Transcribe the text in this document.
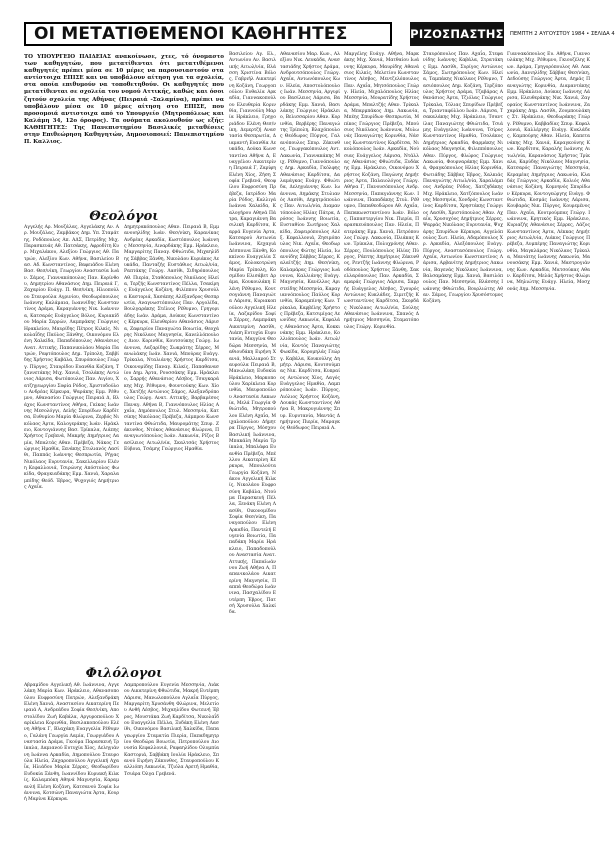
ΟΙ ΜΕΤΑΤΙΘΕΜΕΝΟΙ ΚΑΘΗΓΗΤΕΣ	ΡΙΖΟΣΠΑΣΤΗΣ ΠΕΜΠΤΗ 2 ΑΥΓΟΥΣΤΟΥ 1984 • ΣΕΛΙΔΑ 4
ΤΟ ΥΠΟΥΡΓΕΙΟ ΠΑΙΔΕΙΑΣ ανακοίνωσε, χτες, τό όνομαστο των καθηγητών, που μετατίθενται ότι μετατιθέμενοι καθηγητές πρέπει μέσα σε 10 μέρες να παρουσιαστούν στα αντίστοιχα ΕΠΙΣΕ και να υποβάλουν αίτηση για τα σχολεία, στα οποία επιθυμούν να τοποθετηθούν. Οι καθηγητές που μετατίθενται σε σχολεία του νομού Αττικής, καθώς και όσοι ζητούν σχολεία της Αθήνας (Πειραιά -Σαλαμίνα), πρέπει να υποβάλουν μέσα σε 10 μέρες αίτηση στο ΕΠΙΣΕ, που προσομοιά αντιστοιχα από το Υπουργείο (Μητροπόλεως και Καλάμη 34, 12ο όροφος). Τα ονόματα ακολουθούν ως εξής: ΚΑΘΗΓΗΤΕΣ: Της Πανεπιστημίου Βασιλικές μεταθέσεις στην Επιθεώρηση Καθηγητών, Δημοσιοποιεί: Πανεπιστημίου Π. Καλλιος.
Θεολόγοι
Φιλόλογοι
Αγγελής Αρ. Μουζάλας, Αγγελάκης Αν. Αρ. Μουζάλας, Ζαμβάκος Δημ. Υπ. Σταμάτης, Ροδόπουλος Απ. ΑΔΣ, Πετρίδης Μιχ. Παρασκευάς Αθ. Πατσάκης, Αφροδίτη Κυρ. Μιχαλάκου, Αλεξίου Γεώργιος Αθ. Πατρών, Αλεξίου Κων. Αθήνα, Βασιλείου Βασ. Αδ. Κωνσταντίνος, Βαφειάδου Ελένη Βασ. Θεσ/νίκη, Γεωργίου Αναστασία Ιωάν. Σάμος, Γιαννακόπουλος Παν. Κορίνθου, Δημητρίου Αθανάσιος Δημ. Πειραιά Γ, Ζαχαρίου Ευάγγ. Π. Θεσ/νίκη, Ηλιοπούλου Σταυρούλα Αγρινίου, Θεοδωρόπουλος Ιωάννης Καλάμαια, Ιωαννίδης Κωνσταντίνος Δράμα, Καραγιάννης Νικ. Ιωάννινα, Κατσαρός Ευάγγελος Βόλος, Κυριακίδου Μαρία Σερρών, Λαμπράκης Γεώργιος Ηρακλείου, Μαυρίδης Πέτρος Κιλκίς, Νικολαΐδης Παύλος Ξάνθης, Οικονόμου Ελένη Χαλκίδα, Παπαδόπουλος Αθανάσιος Ανατ. Αττικής, Παπανικολάου Μαρία Πατρών, Ραφτόπουλος Δημ. Τρίπολη, Σαββίδης Χρήστος Καβάλα, Σπυρόπουλος Γεώργ. Πύργος, Σταυρίδου Ευανθία Κοζάνη, Τζαννετάκης Μιχ. Χανιά, Τσολάκης Αντώνιος Λάρισα, Φωτόπουλος Παν. Αιγίου, Χατζηγεωργίου Σοφία Ρόδος, Χριστοδούλου Ανδρέας Κέρκυρα, Ψαράκης Εμμ. Ρέθυμνο, Αθανασίου Γεώργιος Πειραιά Δ, Βλάχος Κωνσταντίνος Αθήνα, Γκίκας Ιωάννης Μεσολόγγι, Δελής Σπυρίδων Καρδίτσα, Ευθυμίου Μαρία Φλώρινα, Ζερβός Νικόλαος Άρτα, Καλογεράκης Ιωάν. Ηράκλειο, Κοντογιάννης Βασ. Τρίκαλα, Λιάπης Χρήστος Γρεβενά, Μακρής Δημήτριος Λαμία, Μπαλτάς Αθαν. Πρέβεζα, Νάκος Γεώργιος Ημαθία, Ξενάκης Στυλιανός Λασίθι, Παππάς Ιωάννης Θεσπρωτία, Ρήγας Νικόλαος Ευρυτανία, Σακελλαρίου Ελένη Κεφαλλονιά, Τσιρώνης Απόστολος Φωκίδα, Φραγκιαδάκης Εμμ. Χανιά, Χαραλαμπίδης Θεόδ. Έβρος, Ψυχογιός Δημήτριος Αχαΐα.
Δημητρακόπουλος Αθαν. Πειραιά Β, Εμμανουηλίδης Ιωάν. Θεσ/νίκη, Καρανίκας Ανδρέας Αρκαδία, Κωστόπουλος Ιωάννης Μεσσηνία, Λιναρδάκης Εμμ. Ηράκλειο, Μαργαρίτης Παναγ. Φθιώτιδα, Μιχαηλίδης Σάββας Ξάνθη, Νικολάου Κυριάκος Λευκάδα, Πανταζής Ευστάθιος Αιτωλ/νία, Ραπτάκης Γεώργ. Λασίθι, Σιδηρόπουλος Αθ. Πιερία, Σταθόπουλος Νικόλαος Ηλεία, Τερζής Κωνσταντίνος Πέλλα, Τσακίρης Ευάγγελος Κοζάνη, Φιλίππου Χρυσούλα Καστοριά, Χασάπης Αλέξανδρος Θεσπρωτία, Αναγνωστόπουλος Παν. Αργολίδα, Βουλγαράκης Στέλιος Ρέθυμνο, Γρηγοριάδης Ιωάν. Δράμα, Δούκας Κωνσταντίνος Κέρκυρα, Ελευθερίου Αθανάσιος Λάρισα, Ζαφειρίου Παναγιώτα Βοιωτία, Θεοχάρης Νικόλαος Μαγνησία, Κανελλόπουλος Διον. Κορινθία, Κουτσούκης Γεώργ. Ιωάννινα, Λαζαρίδης Σωκράτης Σέρρες, Μανωλάκης Ιωάν. Χανιά, Μπούρας Ευάγγ. Τρίκαλα, Νταλιάνης Χρήστος Καρδίτσα, Οικονομίδης Παναγ. Κιλκίς, Παπαθανασίου Δημ. Άρτα, Ρουσσάκης Εμμ. Ηράκλειο, Σαρρής Αθανάσιος Λέσβος, Τσαγκαράκης Μιχ. Ρέθυμνο, Φουντούκης Κων. Χίος, Χατζής Αντώνιος Σάμος, Αλεξανδρόπουλος Γεώργ. Ανατ. Αττικής, Βαρβαρέσος Παναγ. Αθήνα Β, Γιαννόπουλος Ηλίας Αχαΐα, Δημόπουλος Στυλ. Μεσσηνία, Κατσίκης Νικόλαος Πρέβεζα, Λάμπρου Κωνσταντίνα Φθιώτιδα, Μαυρομάτης Σπυρ. Ζάκυνθος, Ντόκος Αθανάσιος Φλώρινα, Παναγιωτόπουλος Ιωάν. Λακωνία, Ρίζος Βασίλειος Αιτωλ/νία, Σκαλτσάς Χρήστος Εύβοια, Τσάμης Γεώργιος Ημαθία.
Αβραμίδου Αγγελική Αθ. Ιωάννινα, Αγγελάκη Μαρία Κων. Ηράκλειο, Αθανασοπούλου Ευφροσύνη Πατρών, Αλεξανδράκη Ελένη Χανιά, Αναστασίου Αικατερίνη Πειραιά Α, Ανδρεάδου Σοφία Θεσ/νίκη, Αποστολίδου Ζωή Καβάλα, Αργυροπούλου Χαρίκλεια Κορινθία, Βασιλακοπούλου Ελένη Αθήνα Γ, Βλαχάκη Ευαγγελία Ρέθυμνο, Γαλάνη Γεωργία Λαμία, Γεωργιάδου Αναστασία Δράμα, Γκούμα Παρασκευή Τρίκαλα, Δαμιανού Ευτυχία Χίος, Δεληγιάννη Ιωάννα Αρκαδία, Δημοπούλου Σταυρούλα Ηλεία, Ζαχαροπούλου Αγγελική Αχαΐα, Ηλιάδου Μαρία Σέρρες, Θεοδωρίδου Ευδοκία Ξάνθη, Ιωαννίδου Κυριακή Κιλκίς, Καλαμπόκη Αθηνά Μαγνησία, Καραμανλή Ελένη Κοζάνη, Κατσανού Σοφία Ιωάννινα, Κοτσώνη Παναγιώτα Άρτα, Κουρή Μαρίνα Κέρκυρα.
Λαμπροπούλου Ευγενία Μεσσηνία, Λιάκου Αικατερίνη Φθιώτιδα, Μακρή Ευτέρπη Λάρισα, Μανωλοπούλου Αγλαΐα Πύργος, Μαργαρίτη Χρυσάνθη Φλώρινα, Μελετίου Ανθή Λέσβος, Μιχαηλίδου Φωτεινή Έβρος, Μουστάκα Ζωή Καρδίτσα, Νικολαΐδου Ευαγγελία Πέλλα, Ξυδάκη Ελένη Λασίθι, Οικονόμου Βασιλική Χαλκίδα, Παπαγεωργίου Σταματία Πιερία, Παπαδημητρίου Θεοδώρα Βοιωτία, Πετροπούλου Διονυσία Κεφαλλονιά, Ραφαηλίδου Ολυμπία Καστοριά, Σαββάκη Ιουλία Ηράκλειο, Σπανού Ειρήνη Ζάκυνθος, Σταυροπούλου Καλλιόπη Λακωνία, Τζιόλα Αρετή Ημαθία, Τσιάρα Όλγα Γρεβενά.
Βασιλείου Αγ. Ελ., Αντωνίου Αν. Βασιλικής Αιτωλ/νία, Βλάσση Χριστίνα Βόλος, Γαβριήλ Αικατερίνη Κοζάνη, Γεωργοπούλου Ευθαλία Αρκαδία, Γιαννακοπούλου Ελευθερία Κορινθία, Γιαννούλη Μαρία Ηράκλειο, Γρηγοριάδου Ελένη Θεσ/νίκη, Δεμερτζή Αναστασία Θεσπρωτία, Διαμαντή Ευανθία Λευκάδα, Δούκα Κωνσταντίνα Αθήνα Δ, Ευαγγέλου Αικατερίνη Πειραιά Γ, Ζαρίφη Ελένη Χίος, Ζήση Σοφία Γρεβενά, Θεοφίλου Ευφροσύνη Πρέβεζα, Ιατρίδου Μαρία Ρόδος, Καλλιγά Ιωάννα Χαλκίδα, Καλογήρου Αθηνά Πάτρα, Καραγιάννη Βασιλική Καρδίτσα, Καρρά Ευγενία Άρτα, Κατσαρού Αντωνία Ιωάννινα, Κεχαγιά Δέσποινα Ξάνθη, Κοκκίνου Ευαγγελία Σάμος, Κολοκοτρώνη Μαρία Τρίπολη, Κοσμίδου Ελισάβετ Δράμα, Κουκουλάκη Ελένη Ρέθυμνο, Κουτσογιάννη Παναγιώτα Λάρισα, Κυριακοπούλου Αγγελική Ηλεία, Λαζαρίδου Σοφία Σέρρες, Λαμπράκη Αικατερίνη Λασίθι, Λιάπη Ευτυχία Ευρυτανία, Μαγγίνα Θεοδώρα Μεσσηνία, Μαθιουδάκη Ειρήνη Χανιά, Μαλλιαρού Σταυρούλα Πειραιά Β, Μανωλάκη Ευδοκία Ηράκλειο, Μαρκοπούλου Χαρίκλεια Κορινθία, Μαυροπούλου Αναστασία Λακωνία, Μελά Γεωργία Φθιώτιδα, Μητροπούλου Ελένη Αχαΐα, Μιχαλοπούλου Δήμητρα Πύργος, Μόσχου Βασιλική Ιωάννινα, Μπακάλη Μαρία Τρίκαλα, Μπαλάφα Ευανθία Πρέβεζα, Μπέλλου Αικατερίνη Κέρκυρα, Μπουλούτα Γεωργία Κοζάνη, Νάκου Αγγελική Κιλκίς, Νικολάου Ευφροσύνη Καβάλα, Ντούμα Παρασκευή Πέλλα, Ξενάκη Ελένη Λασίθι, Οικονομίδου Σοφία Θεσ/νίκη, Παναγοπούλου Ελένη Αρκαδία, Παντελή Ευγενία Βοιωτία, Παπαδάκη Μαρία Ηράκλειο, Παπαδοπούλου Αναστασία Ανατ. Αττικής, Παπαϊωάννου Ζωή Αθήνα Α, Παπανικολάου Αικατερίνη Μαγνησία, Παππά Θεοδώρα Ιωάννινα, Πασχαλίδου Ευτέρπη Έβρος, Πατσή Χρυσούλα Χαλκίδα.
Αθανασίου Μαρ. Κων., Αλεξίου Νικ. Λευκάδα, Αναστασιάδης Χρήστος Δράμα, Ανδρουτσόπουλος Γεώργ. Αχαΐα, Αντωνόπουλος Κων. Ηλεία, Αποστολόπουλος Ιωάν. Μεσσηνία, Αργυρίου Βασίλειος Λάρισα, Βαρδάκης Εμμ. Χανιά, Βασιλάκης Γεώργιος Ηράκλειο, Βελισσαρίου Αθαν. Κορινθία, Βερβέρης Παναγιώτης Τρίπολη, Βλαχόπουλος Θεόδωρος Πύργος, Γαλανόπουλος Σπυρ. Ζάκυνθος, Γεωργακόπουλος Αντ. Λακωνία, Γιαννακάκης Μιχ. Ρέθυμνο, Γιαννόπουλος Δημ. Αρκαδία, Γκόλφης Αθανάσιος Καρδίτσα, Δαλαμάγκας Ευάγγ. Φθιώτιδα, Δεληγιάννης Κων. Ιωάννινα, Δημάκης Στυλιανός Λασίθι, Δημητρόπουλος Παν. Αιτωλ/νία, Διαμαντόπουλος Ηλίας Πάτρα, Δρόσος Ιωάννης Βοιωτία, Ευσταθίου Σωτήριος Χαλκίδα, Ζαφειρόπουλος Αλέξ. Κεφαλλονιά, Ζησιμόπουλος Νικ. Αχαΐα, Θεοδωρόπουλος Φώτης Ηλεία, Ιωαννίδης Σάββας Σέρρες, Καλαϊτζής Δημ. Θεσ/νίκη, Καλαμάρας Γεώργιος Ιωάννινα, Καλλιάνης Ευάγγ. Μαγνησία, Κανέλλος Αριστείδης Μεσσηνία, Καραγιαννόπουλος Παύλος Κορινθία, Καραμπίνης Κων. Τρίκαλα, Καρβέλης Χρήστος Πρέβεζα, Κατσιμίγας Λεωνίδας Λακωνία, Κεφαλάς Αθανάσιος Άρτα, Κοκκινάκης Εμμ. Ηράκλειο, Κολλιόπουλος Ιωάν. Αιτωλ/νία, Κοντός Παναγιώτης Φωκίδα, Κορομηλάς Γεώργ. Καβάλα, Κουκούλης Δημήτρ. Λάρισα, Κουτσούμπας Νικ. Καρδίτσα, Κυπραίος Αντώνιος Χίος, Λαγός Ευάγγελος Ημαθία, Λαμπρόπουλος Ιωάν. Πύργος, Λιόλιος Χρήστος Κοζάνη, Λουκάς Κωνσταντίνος Αθήνα Β, Μακρυγιάννης Σπυρ. Ευρυτανία, Μαντάς Δημήτριος Πιερία, Μαραγκός Θεόδωρος Πειραιά Α.
Μαργέλης Ευάγγ. Αθήνα, Μαρκάκης Μιχ. Χανιά, Ματθαίου Ιωάννης Κέρκυρα, Μαυρίδης Αθανάσιος Κιλκίς, Μελετίου Κωνσταντίνος Λέσβος, Μεντζελόπουλος Παν. Αχαΐα, Μητσόπουλος Γεώργ. Ηλεία, Μιχαλόπουλος Ηλίας Μεσσηνία, Μουρατίδης Χρήστος Δράμα, Μπαλτζής Αθαν. Τρίκαλα, Μπαρμπάκος Δημ. Λακωνία, Μπέης Σπυρίδων Θεσπρωτία, Μπίκος Γεώργιος Πρέβεζα, Μπούσιος Νικόλαος Ιωάννινα, Μυλωνάς Παναγιώτης Κορινθία, Νάσιος Κωνσταντίνος Καρδίτσα, Νικολόπουλος Ιωάν. Αρκαδία, Νούσιας Ευάγγελος Λάρισα, Ντάλλας Αθανάσιος Φθιώτιδα, Ξυδάκης Εμμ. Ηράκλειο, Οικονόμου Χρήστος Κοζάνη, Παγώνης Δημήτριος Άρτα, Παλαιολόγος Γεώργ. Αθήνα Γ, Πανουσόπουλος Ανδρ. Μεσσηνία, Παπαγιάννης Κων. Ιωάννινα, Παπαδάκης Στυλ. Ρέθυμνο, Παπαθεοδώρου Αθ. Αχαΐα, Παπακωνσταντίνου Ιωάν. Βόλος, Παπαστεργίου Νικ. Πιερία, Παρασκευόπουλος Παν. Ηλεία, Πατεράκης Εμμ. Χανιά, Πετρόπουλος Γεώργ. Λακωνία, Πλιάκας Κων. Τρίκαλα, Πολυχρόνης Αθαν. Σέρρες, Πουλόπουλος Ηλίας Πύργος, Ράπτης Δημήτριος Ζάκυνθος, Ρεντζής Ιωάννης Φλώρινα, Ροδόπουλος Χρήστος Ξάνθη, Σακελλαρόπουλος Παν. Αρκαδία, Σαμαράς Γεώργιος Λάρισα, Σαρρής Ευάγγελος Λέσβος, Σγουρός Αντώνιος Κυκλάδες, Σιμιτζής Κωνσταντίνος Καρδίτσα, Σκορδάς Νικόλαος Αιτωλ/νία, Σούλης Αθανάσιος Ιωάννινα, Σπανός Δημήτριος Μεσσηνία, Σταματόπουλος Γεώργ. Κορινθία.
Σταυρόπουλος Παν. Αχαΐα, Στεφανίδης Ιωάννης Καβάλα, Στρατάκης Εμμ. Λασίθι, Συρίγος Αντώνιος Σάμος, Σωτηρόπουλος Κων. Ηλεία, Ταμπάκης Νικόλαος Ρέθυμνο, Τασιόπουλος Δημ. Κοζάνη, Τερζόπουλος Χρήστος Δράμα, Τζαβάρας Αθανάσιος Άρτα, Τζιόλας Γεώργιος Τρίκαλα, Τόλιας Σπυρίδων Πρέβεζα, Τριανταφύλλου Ιωάν. Λάρισα, Τσακαλάκης Μιχ. Ηράκλειο, Τσαντίλας Παναγιώτης Φθιώτιδα, Τσιάμης Ευάγγελος Ιωάννινα, Τσίρος Κωνσταντίνος Ημαθία, Τσολάκος Δημήτριος Αρκαδία, Φαρμάκης Νικόλαος Μαγνησία, Φιλιππόπουλος Αθαν. Πύργος, Φλώρος Γεώργιος Λακωνία, Φουρναράκης Εμμ. Χανιά, Φραγκόπουλος Ηλίας Κορινθία, Φωτιάδης Σάββας Έβρος, Χαλκιάς Παναγιώτης Αιτωλ/νία, Χαραλάμπους Ανδρέας Ρόδος, Χατζηδάκης Μιχ. Ηράκλειο, Χατζόπουλος Ιωάννης Μεσσηνία, Χονδρός Κωνσταντίνος Καρδίτσα, Χρηστάκης Γεώργιος Λασίθι, Χριστόπουλος Αθαν. Αχαΐα, Χρυσοχόος Δημήτριος Σέρρες, Ψαρράς Νικόλαος Ευρυτανία, Ψυχάρης Σπυρίδων Κέρκυρα, Αγγελόπουλος Σωτ. Ηλεία, Αδαμόπουλος Χρ. Αρκαδία, Αλεξόπουλος Ευάγγ. Πύργος, Αναστασόπουλος Γεώργ. Αχαΐα, Αντωνίου Κωνσταντίνος Λάρισα, Αρβανίτης Δημήτριος Λακωνία, Βαγενάς Νικόλαος Ιωάννινα, Βαλσαμάκης Εμμ. Χανιά, Βασιλόπουλος Παν. Μεσσηνία, Βλάσσης Ιωάννης Φθιώτιδα, Βουρλιώτης Αθαν. Σάμος, Γεωργίου Χρυσόστομος Κοζάνη.
Γιαννακόπουλος Ευ. Αθήνα, Γιαννουλάκης Μιχ. Ρέθυμνο, Γκιουζέλης Κων. Δράμα, Γρηγορόπουλος Αθ. Λακωνία, Δανιηλίδης Σάββας Θεσ/νίκη, Δεδούσης Γεώργιος Άρτα, Δημάς Παναγιώτης Κορινθία, Διαμαντάκης Εμμ. Ηράκλειο, Δούκας Ιωάννης Λάρισα, Ελευθεράκης Νικ. Χανιά, Ζαγοραίος Κωνσταντίνος Ιωάννινα, Ζαχαράκης Δημ. Λασίθι, Ζουμπουλάκης Στ. Ηράκλειο, Θεοδωράκης Γεώργ. Ρέθυμνο, Καββαδίας Σπυρ. Κεφαλλονιά, Καλλέργης Ευάγγ. Κυκλάδες, Καμπούρης Αθαν. Ηλεία, Καπετανάκης Μιχ. Χανιά, Καραγκούνης Κων. Καρδίτσα, Καραλής Ιωάννης Αιτωλ/νία, Καρανάσιος Χρήστος Τρίκαλα, Καρύδης Νικόλαος Μαγνησία, Κατσαρός Παναγιώτης Μεσσηνία, Κεραμέας Δημήτριος Λακωνία, Κλαδάς Γεώργιος Αρκαδία, Κολιός Αθανάσιος Κοζάνη, Κομνηνός Σπυρίδων Κέρκυρα, Κοντογεώργης Ευάγγ. Φθιώτιδα, Κοσμάς Ιωάννης Λάρισα, Κουβαράς Νικ. Πύργος, Κουρεμένος Παν. Αχαΐα, Κουτρούμπας Γεώργ. Ιωάννινα, Κρητικός Εμμ. Ηράκλειο, Κυριαζής Αθανάσιος Σέρρες, Λάζος Κωνσταντίνος Άρτα, Λέκκας Δημήτριος Αιτωλ/νία, Λιάκος Γεώργιος Πρέβεζα, Λυμπέρης Παναγιώτης Κορινθία, Μαγκλάρας Νικόλαος Τρίκαλα, Μανιάτης Ιωάννης Λακωνία, Μανουσάκης Εμμ. Χανιά, Μαστρογιάννης Κων. Αρκαδία, Ματσούκας Αθαν. Καρδίτσα, Μελάς Χρήστος Φλώρινα, Μηλιώτης Ευάγγ. Ηλεία, Μοσχονάς Δημ. Μεσσηνία.
